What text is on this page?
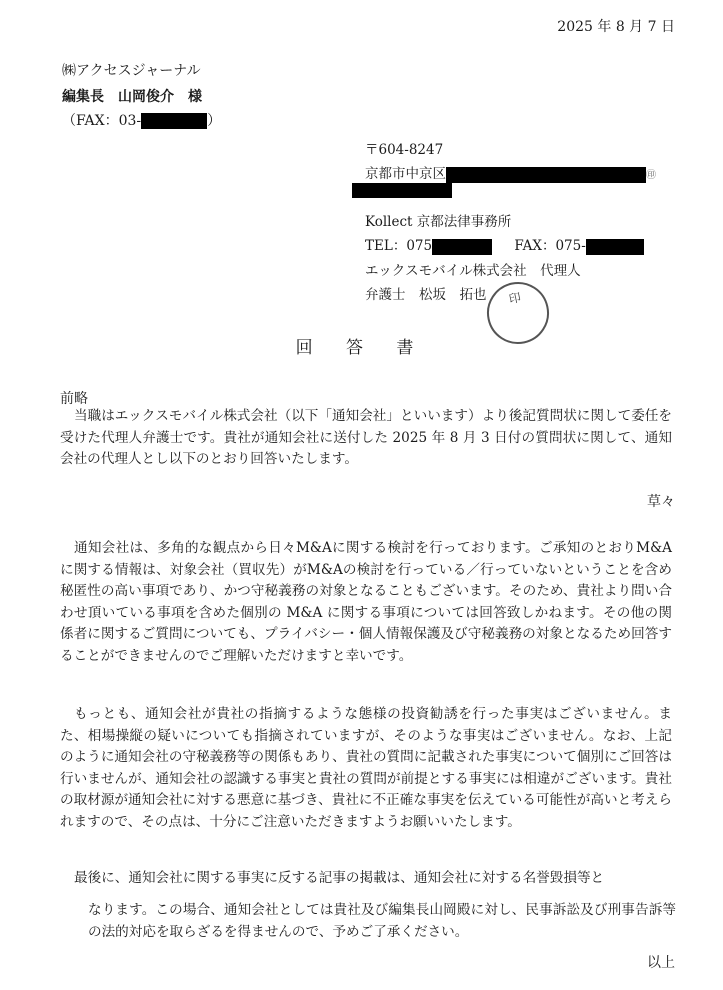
2025 年 8 月 7 日
㈱アクセスジャーナル
編集長　山岡俊介　様
（FAX：03-	）
〒604-8247
京都市中京区	㊞
Kollect 京都法律事務所
TEL：075	FAX：075-
エックスモバイル株式会社　代理人
弁護士　松坂　拓也	印
回 答 書
前略
当職はエックスモバイル株式会社（以下「通知会社」といいます）より後記質問状に関して委任を受けた代理人弁護士です。貴社が通知会社に送付した 2025 年 8 月 3 日付の質問状に関して、通知会社の代理人とし以下のとおり回答いたします。
草々
通知会社は、多角的な観点から日々M&Aに関する検討を行っております。ご承知のとおりM&Aに関する情報は、対象会社（買収先）がM&Aの検討を行っている／行っていないということを含め秘匿性の高い事項であり、かつ守秘義務の対象となることもございます。そのため、貴社より問い合わせ頂いている事項を含めた個別の M&A に関する事項については回答致しかねます。その他の関係者に関するご質問についても、プライバシー・個人情報保護及び守秘義務の対象となるため回答することができませんのでご理解いただけますと幸いです。
もっとも、通知会社が貴社の指摘するような態様の投資勧誘を行った事実はございません。また、相場操縦の疑いについても指摘されていますが、そのような事実はございません。なお、上記のように通知会社の守秘義務等の関係もあり、貴社の質問に記載された事実について個別にご回答は行いませんが、通知会社の認識する事実と貴社の質問が前提とする事実には相違がございます。貴社の取材源が通知会社に対する悪意に基づき、貴社に不正確な事実を伝えている可能性が高いと考えられますので、その点は、十分にご注意いただきますようお願いいたします。
最後に、通知会社に関する事実に反する記事の掲載は、通知会社に対する名誉毀損等と
なります。この場合、通知会社としては貴社及び編集長山岡殿に対し、民事訴訟及び刑事告訴等の法的対応を取らざるを得ませんので、予めご了承ください。
以上
